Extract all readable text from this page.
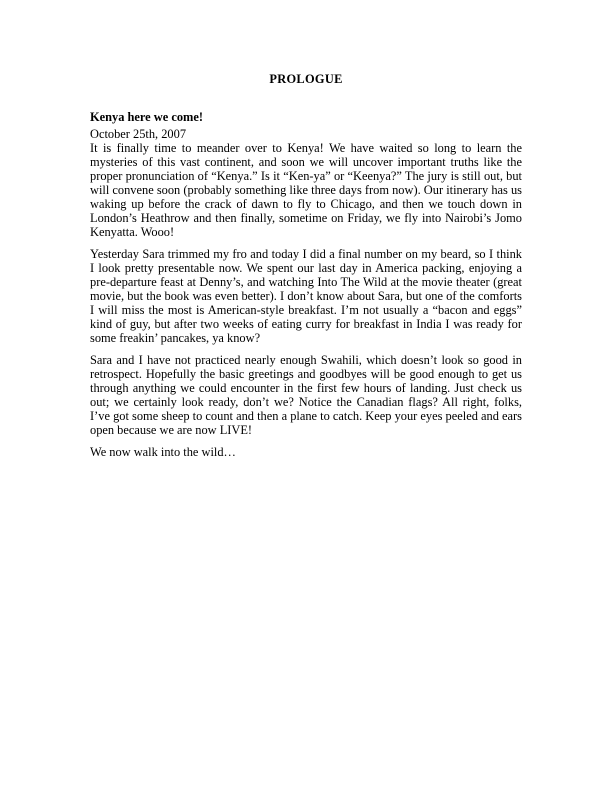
PROLOGUE
Kenya here we come!
October 25th, 2007

It is finally time to meander over to Kenya! We have waited so long to learn the mysteries of this vast continent, and soon we will uncover important truths like the proper pronunciation of “Kenya.” Is it “Ken-ya” or “Keenya?” The jury is still out, but will convene soon (probably something like three days from now). Our itinerary has us waking up before the crack of dawn to fly to Chicago, and then we touch down in London’s Heathrow and then finally, sometime on Friday, we fly into Nairobi’s Jomo Kenyatta. Wooo!

Yesterday Sara trimmed my fro and today I did a final number on my beard, so I think I look pretty presentable now. We spent our last day in America packing, enjoying a pre-departure feast at Denny’s, and watching Into The Wild at the movie theater (great movie, but the book was even better). I don’t know about Sara, but one of the comforts I will miss the most is American-style breakfast. I’m not usually a “bacon and eggs” kind of guy, but after two weeks of eating curry for breakfast in India I was ready for some freakin’ pancakes, ya know?

Sara and I have not practiced nearly enough Swahili, which doesn’t look so good in retrospect. Hopefully the basic greetings and goodbyes will be good enough to get us through anything we could encounter in the first few hours of landing. Just check us out; we certainly look ready, don’t we? Notice the Canadian flags? All right, folks, I’ve got some sheep to count and then a plane to catch. Keep your eyes peeled and ears open because we are now LIVE!

We now walk into the wild…
